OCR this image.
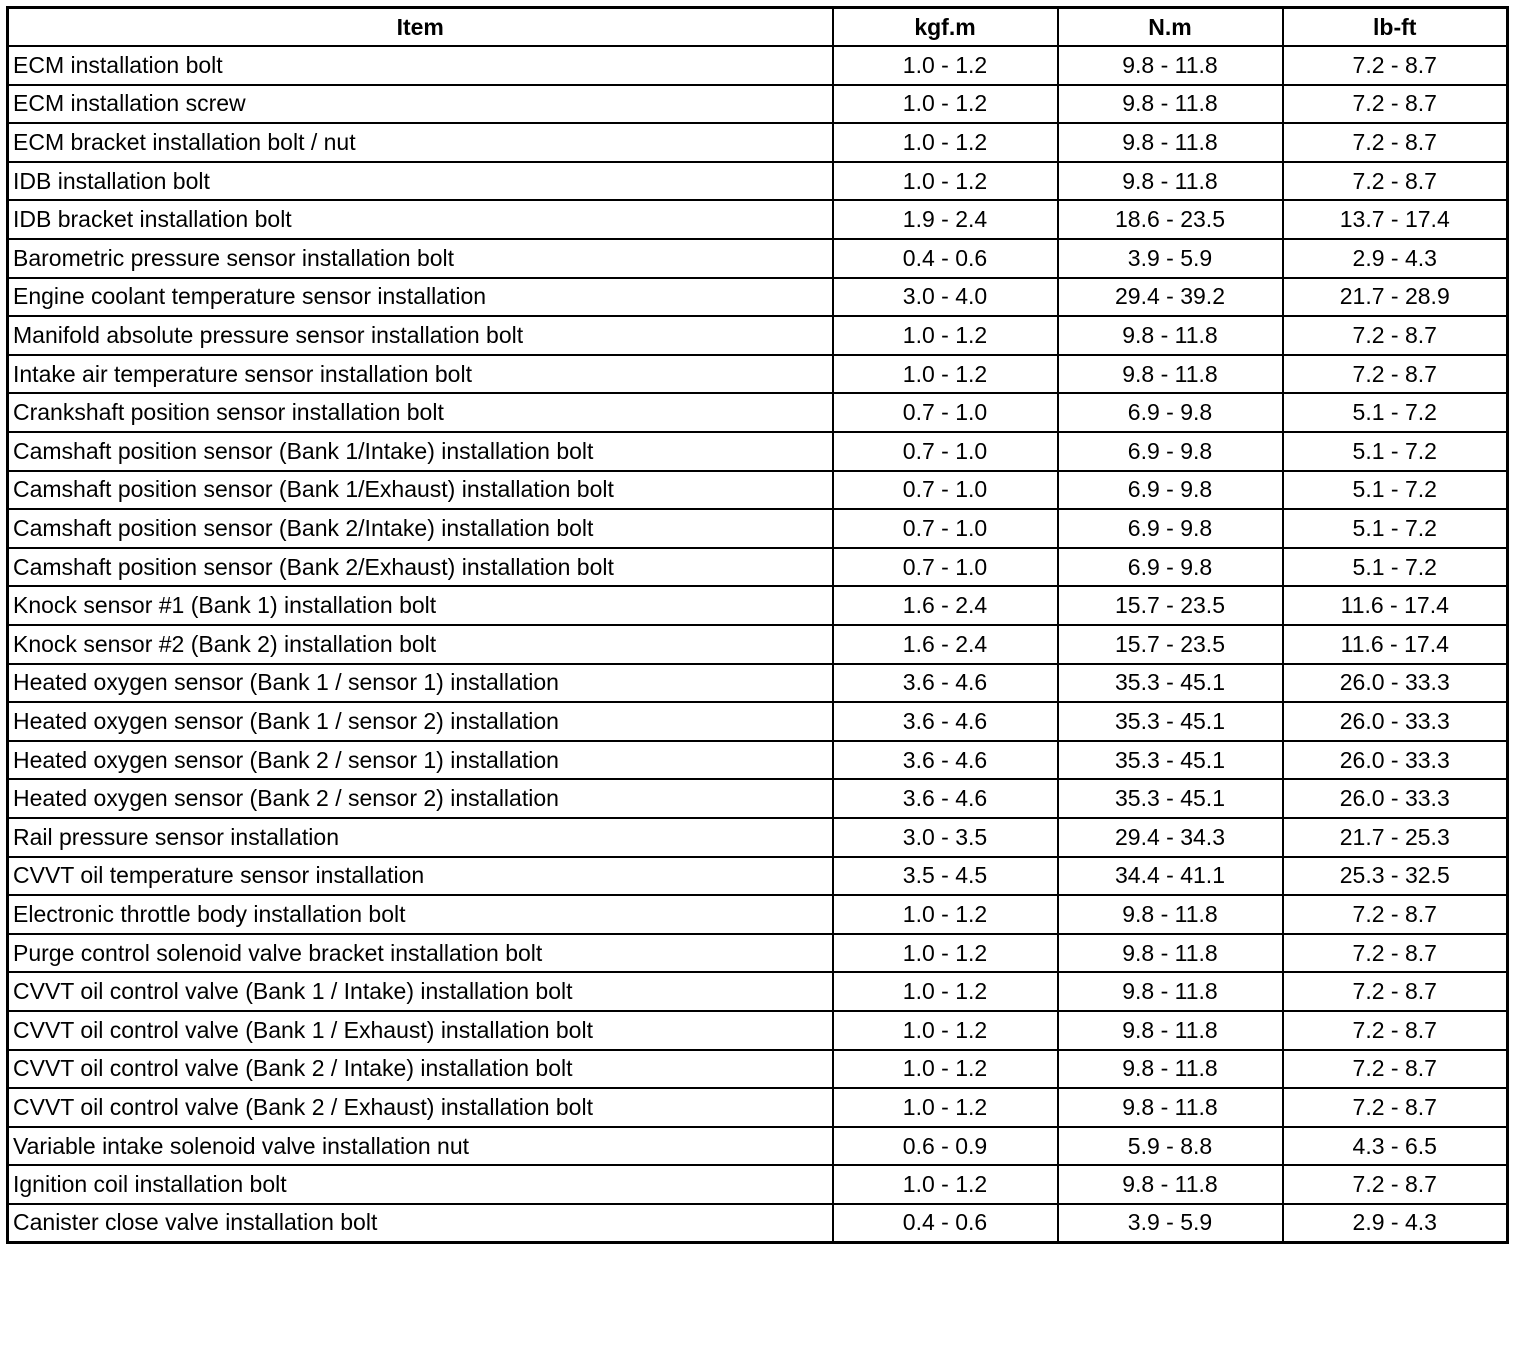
Item	kgf.m	N.m	lb-ft
ECM installation bolt	1.0 - 1.2	9.8 - 11.8	7.2 - 8.7
ECM installation screw	1.0 - 1.2	9.8 - 11.8	7.2 - 8.7
ECM bracket installation bolt / nut	1.0 - 1.2	9.8 - 11.8	7.2 - 8.7
IDB installation bolt	1.0 - 1.2	9.8 - 11.8	7.2 - 8.7
IDB bracket installation bolt	1.9 - 2.4	18.6 - 23.5	13.7 - 17.4
Barometric pressure sensor installation bolt	0.4 - 0.6	3.9 - 5.9	2.9 - 4.3
Engine coolant temperature sensor installation	3.0 - 4.0	29.4 - 39.2	21.7 - 28.9
Manifold absolute pressure sensor installation bolt	1.0 - 1.2	9.8 - 11.8	7.2 - 8.7
Intake air temperature sensor installation bolt	1.0 - 1.2	9.8 - 11.8	7.2 - 8.7
Crankshaft position sensor installation bolt	0.7 - 1.0	6.9 - 9.8	5.1 - 7.2
Camshaft position sensor (Bank 1/Intake) installation bolt	0.7 - 1.0	6.9 - 9.8	5.1 - 7.2
Camshaft position sensor (Bank 1/Exhaust) installation bolt	0.7 - 1.0	6.9 - 9.8	5.1 - 7.2
Camshaft position sensor (Bank 2/Intake) installation bolt	0.7 - 1.0	6.9 - 9.8	5.1 - 7.2
Camshaft position sensor (Bank 2/Exhaust) installation bolt	0.7 - 1.0	6.9 - 9.8	5.1 - 7.2
Knock sensor #1 (Bank 1) installation bolt	1.6 - 2.4	15.7 - 23.5	11.6 - 17.4
Knock sensor #2 (Bank 2) installation bolt	1.6 - 2.4	15.7 - 23.5	11.6 - 17.4
Heated oxygen sensor (Bank 1 / sensor 1) installation	3.6 - 4.6	35.3 - 45.1	26.0 - 33.3
Heated oxygen sensor (Bank 1 / sensor 2) installation	3.6 - 4.6	35.3 - 45.1	26.0 - 33.3
Heated oxygen sensor (Bank 2 / sensor 1) installation	3.6 - 4.6	35.3 - 45.1	26.0 - 33.3
Heated oxygen sensor (Bank 2 / sensor 2) installation	3.6 - 4.6	35.3 - 45.1	26.0 - 33.3
Rail pressure sensor installation	3.0 - 3.5	29.4 - 34.3	21.7 - 25.3
CVVT oil temperature sensor installation	3.5 - 4.5	34.4 - 41.1	25.3 - 32.5
Electronic throttle body installation bolt	1.0 - 1.2	9.8 - 11.8	7.2 - 8.7
Purge control solenoid valve bracket installation bolt	1.0 - 1.2	9.8 - 11.8	7.2 - 8.7
CVVT oil control valve (Bank 1 / Intake) installation bolt	1.0 - 1.2	9.8 - 11.8	7.2 - 8.7
CVVT oil control valve (Bank 1 / Exhaust) installation bolt	1.0 - 1.2	9.8 - 11.8	7.2 - 8.7
CVVT oil control valve (Bank 2 / Intake) installation bolt	1.0 - 1.2	9.8 - 11.8	7.2 - 8.7
CVVT oil control valve (Bank 2 / Exhaust) installation bolt	1.0 - 1.2	9.8 - 11.8	7.2 - 8.7
Variable intake solenoid valve installation nut	0.6 - 0.9	5.9 - 8.8	4.3 - 6.5
Ignition coil installation bolt	1.0 - 1.2	9.8 - 11.8	7.2 - 8.7
Canister close valve installation bolt	0.4 - 0.6	3.9 - 5.9	2.9 - 4.3
